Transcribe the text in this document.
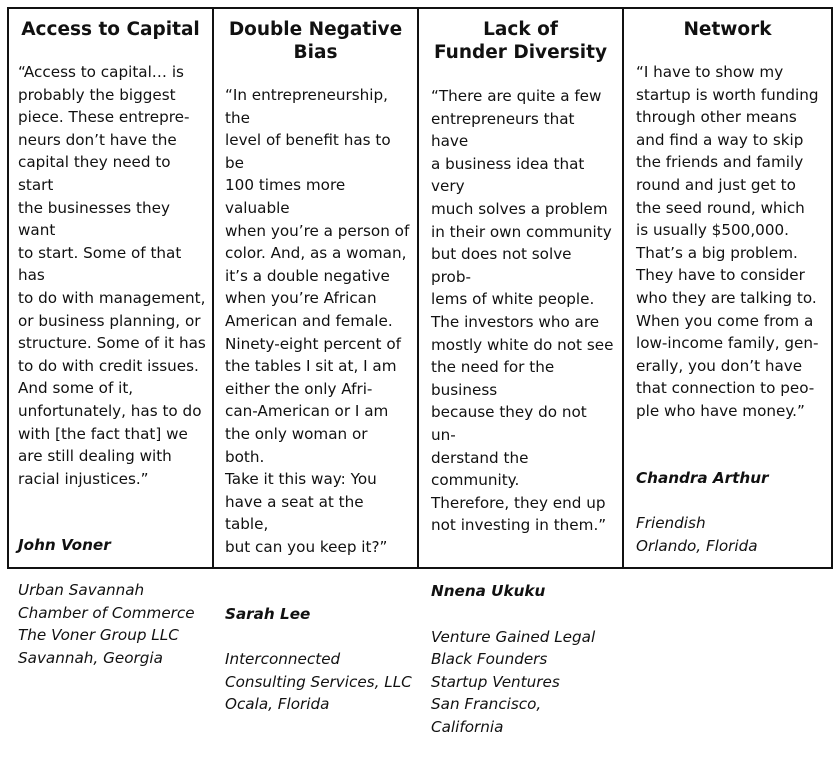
Access to Capital

“Access to capital… is
probably the biggest
piece. These entrepre-
neurs don’t have the
capital they need to start
the businesses they want
to start. Some of that has
to do with management,
or business planning, or
structure. Some of it has
to do with credit issues.
And some of it,
unfortunately, has to do
with [the fact that] we
are still dealing with
racial injustices.”

John Voner

Urban Savannah
Chamber of Commerce
The Voner Group LLC
Savannah, Georgia

Double Negative Bias

“In entrepreneurship, the
level of benefit has to be
100 times more valuable
when you’re a person of
color. And, as a woman,
it’s a double negative
when you’re African
American and female.
Ninety-eight percent of
the tables I sit at, I am
either the only Afri-
can-American or I am
the only woman or both.
Take it this way: You
have a seat at the table,
but can you keep it?”

Sarah Lee

Interconnected
Consulting Services, LLC
Ocala, Florida

Lack of
Funder Diversity

“There are quite a few
entrepreneurs that have
a business idea that very
much solves a problem
in their own community
but does not solve prob-
lems of white people.
The investors who are
mostly white do not see
the need for the business
because they do not un-
derstand the community.
Therefore, they end up
not investing in them.”

Nnena Ukuku

Venture Gained Legal
Black Founders
Startup Ventures
San Francisco, California

Network

“I have to show my
startup is worth funding
through other means
and find a way to skip
the friends and family
round and just get to
the seed round, which
is usually $500,000.
That’s a big problem.
They have to consider
who they are talking to.
When you come from a
low-income family, gen-
erally, you don’t have
that connection to peo-
ple who have money.”

Chandra Arthur

Friendish
Orlando, Florida
